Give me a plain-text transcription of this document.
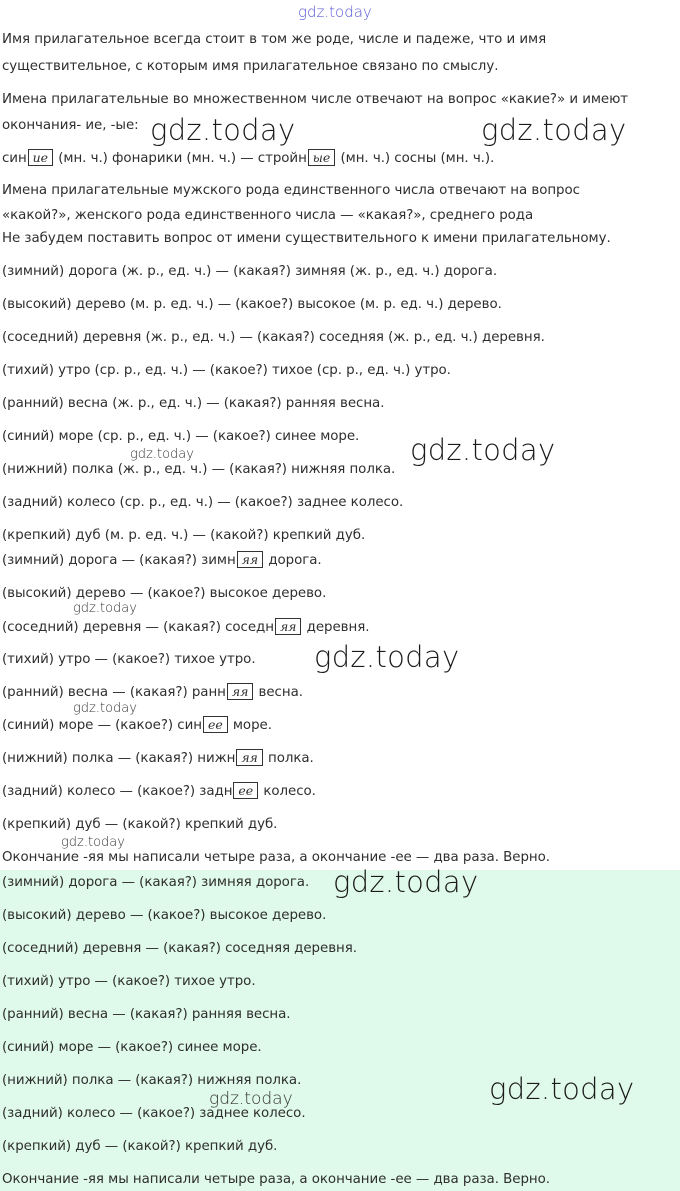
Имя прилагательное всегда стоит в том же роде, числе и падеже, что и имя

существительное, с которым имя прилагательное связано по смыслу.

Имена прилагательные во множественном числе отвечают на вопрос «какие?» и имеют

окончания- ие, -ые:

син ие (мн. ч.) фонарики (мн. ч.) — стройн ые (мн. ч.) сосны (мн. ч.).

Имена прилагательные мужского рода единственного числа отвечают на вопрос

«какой?», женского рода единственного числа — «какая?», среднего рода

Не забудем поставить вопрос от имени существительного к имени прилагательному.

(зимний) дорога (ж. р., ед. ч.) — (какая?) зимняя (ж. р., ед. ч.) дорога.

(высокий) дерево (м. р. ед. ч.) — (какое?) высокое (м. р. ед. ч.) дерево.

(соседний) деревня (ж. р., ед. ч.) — (какая?) соседняя (ж. р., ед. ч.) деревня.

(тихий) утро (ср. р., ед. ч.) — (какое?) тихое (ср. р., ед. ч.) утро.

(ранний) весна (ж. р., ед. ч.) — (какая?) ранняя весна.

(синий) море (ср. р., ед. ч.) — (какое?) синее море.

(нижний) полка (ж. р., ед. ч.) — (какая?) нижняя полка.

(задний) колесо (ср. р., ед. ч.) — (какое?) заднее колесо.

(крепкий) дуб (м. р. ед. ч.) — (какой?) крепкий дуб.

(зимний) дорога — (какая?) зимн яя дорога.

(высокий) дерево — (какое?) высокое дерево.

(соседний) деревня — (какая?) соседн яя деревня.

(тихий) утро — (какое?) тихое утро.

(ранний) весна — (какая?) ранн яя весна.

(синий) море — (какое?) син ее море.

(нижний) полка — (какая?) нижн яя полка.

(задний) колесо — (какое?) задн ее колесо.

(крепкий) дуб — (какой?) крепкий дуб.

Окончание -яя мы написали четыре раза, а окончание -ее — два раза. Верно.

(зимний) дорога — (какая?) зимняя дорога.

(высокий) дерево — (какое?) высокое дерево.

(соседний) деревня — (какая?) соседняя деревня.

(тихий) утро — (какое?) тихое утро.

(ранний) весна — (какая?) ранняя весна.

(синий) море — (какое?) синее море.

(нижний) полка — (какая?) нижняя полка.

(задний) колесо — (какое?) заднее колесо.

(крепкий) дуб — (какой?) крепкий дуб.

Окончание -яя мы написали четыре раза, а окончание -ее — два раза. Верно.

gdz.today
gdz.today	gdz.today
gdz.today
gdz.today
gdz.today
gdz.today
gdz.today
gdz.today
gdz.today
gdz.today
gdz.today
